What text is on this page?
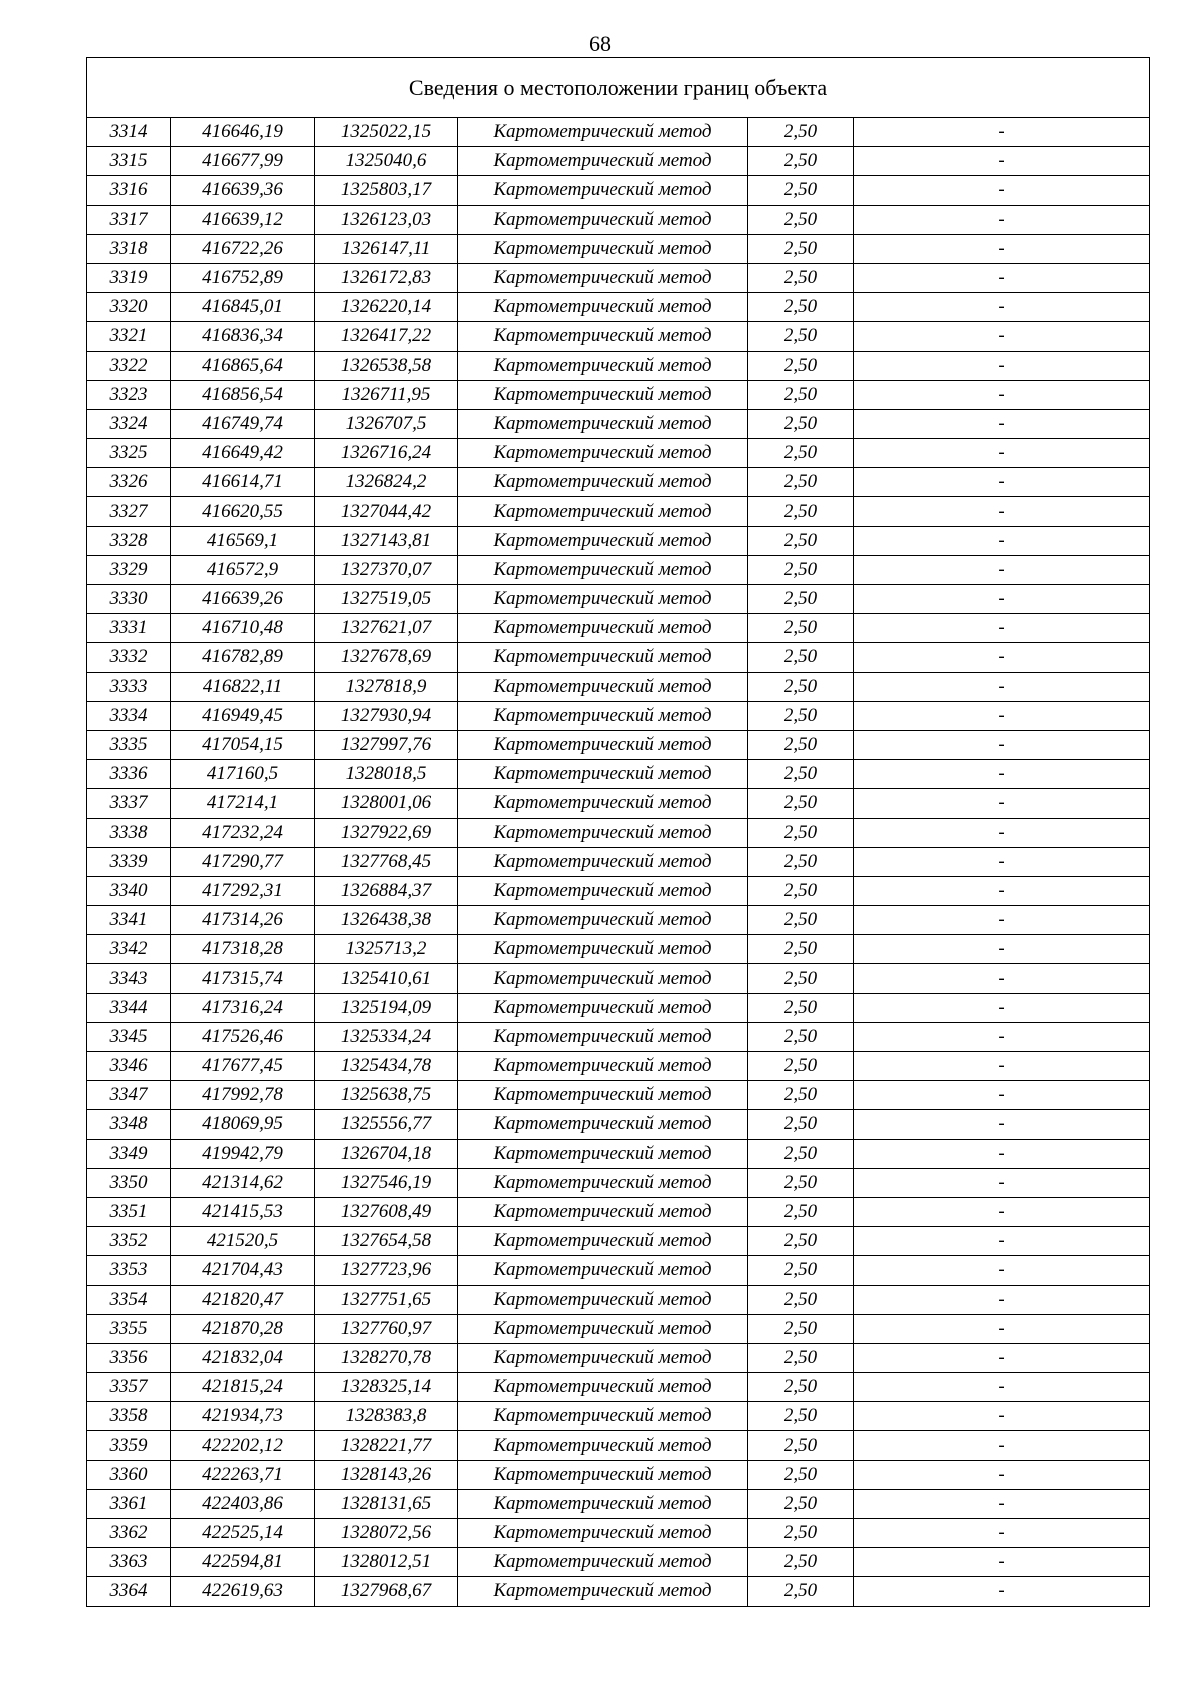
68
Сведения о местоположении границ объекта					
3314	416646,19	1325022,15	Картометрический метод	2,50	-
3315	416677,99	1325040,6	Картометрический метод	2,50	-
3316	416639,36	1325803,17	Картометрический метод	2,50	-
3317	416639,12	1326123,03	Картометрический метод	2,50	-
3318	416722,26	1326147,11	Картометрический метод	2,50	-
3319	416752,89	1326172,83	Картометрический метод	2,50	-
3320	416845,01	1326220,14	Картометрический метод	2,50	-
3321	416836,34	1326417,22	Картометрический метод	2,50	-
3322	416865,64	1326538,58	Картометрический метод	2,50	-
3323	416856,54	1326711,95	Картометрический метод	2,50	-
3324	416749,74	1326707,5	Картометрический метод	2,50	-
3325	416649,42	1326716,24	Картометрический метод	2,50	-
3326	416614,71	1326824,2	Картометрический метод	2,50	-
3327	416620,55	1327044,42	Картометрический метод	2,50	-
3328	416569,1	1327143,81	Картометрический метод	2,50	-
3329	416572,9	1327370,07	Картометрический метод	2,50	-
3330	416639,26	1327519,05	Картометрический метод	2,50	-
3331	416710,48	1327621,07	Картометрический метод	2,50	-
3332	416782,89	1327678,69	Картометрический метод	2,50	-
3333	416822,11	1327818,9	Картометрический метод	2,50	-
3334	416949,45	1327930,94	Картометрический метод	2,50	-
3335	417054,15	1327997,76	Картометрический метод	2,50	-
3336	417160,5	1328018,5	Картометрический метод	2,50	-
3337	417214,1	1328001,06	Картометрический метод	2,50	-
3338	417232,24	1327922,69	Картометрический метод	2,50	-
3339	417290,77	1327768,45	Картометрический метод	2,50	-
3340	417292,31	1326884,37	Картометрический метод	2,50	-
3341	417314,26	1326438,38	Картометрический метод	2,50	-
3342	417318,28	1325713,2	Картометрический метод	2,50	-
3343	417315,74	1325410,61	Картометрический метод	2,50	-
3344	417316,24	1325194,09	Картометрический метод	2,50	-
3345	417526,46	1325334,24	Картометрический метод	2,50	-
3346	417677,45	1325434,78	Картометрический метод	2,50	-
3347	417992,78	1325638,75	Картометрический метод	2,50	-
3348	418069,95	1325556,77	Картометрический метод	2,50	-
3349	419942,79	1326704,18	Картометрический метод	2,50	-
3350	421314,62	1327546,19	Картометрический метод	2,50	-
3351	421415,53	1327608,49	Картометрический метод	2,50	-
3352	421520,5	1327654,58	Картометрический метод	2,50	-
3353	421704,43	1327723,96	Картометрический метод	2,50	-
3354	421820,47	1327751,65	Картометрический метод	2,50	-
3355	421870,28	1327760,97	Картометрический метод	2,50	-
3356	421832,04	1328270,78	Картометрический метод	2,50	-
3357	421815,24	1328325,14	Картометрический метод	2,50	-
3358	421934,73	1328383,8	Картометрический метод	2,50	-
3359	422202,12	1328221,77	Картометрический метод	2,50	-
3360	422263,71	1328143,26	Картометрический метод	2,50	-
3361	422403,86	1328131,65	Картометрический метод	2,50	-
3362	422525,14	1328072,56	Картометрический метод	2,50	-
3363	422594,81	1328012,51	Картометрический метод	2,50	-
3364	422619,63	1327968,67	Картометрический метод	2,50	-
